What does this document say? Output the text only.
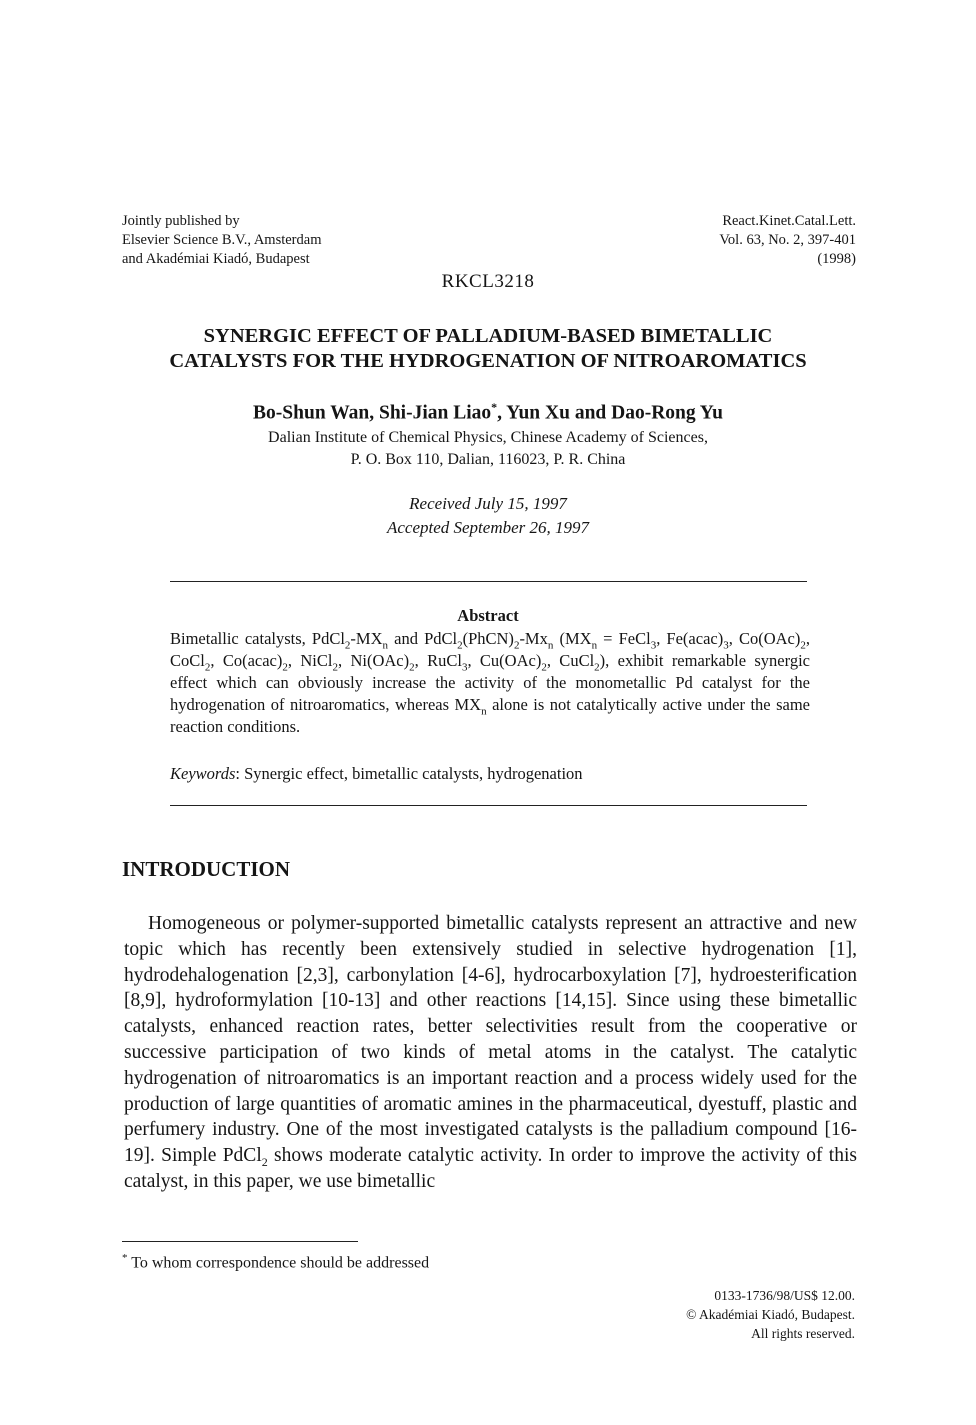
Jointly published by
Elsevier Science B.V., Amsterdam
and Akadémiai Kiadó, Budapest
React.Kinet.Catal.Lett.
Vol. 63, No. 2, 397-401
(1998)
RKCL3218
SYNERGIC EFFECT OF PALLADIUM-BASED BIMETALLIC
CATALYSTS FOR THE HYDROGENATION OF NITROAROMATICS
Bo-Shun Wan, Shi-Jian Liao*, Yun Xu and Dao-Rong Yu
Dalian Institute of Chemical Physics, Chinese Academy of Sciences,
P. O. Box 110, Dalian, 116023, P. R. China
Received July 15, 1997
Accepted September 26, 1997
Abstract
Bimetallic catalysts, $PdCl_2-MX_n$ and $PdCl_2(PhCN)_2-Mx_n$ ($MX_n$ = FeCl$_3$, $Fe(acac)_3$, $Co(OAc)_2$, CoCl$_2$, $Co(acac)_2$, NiCl$_2$, $Ni(OAc)_2$, RuCl$_3$, $Cu(OAc)_2$, CuCl$_2$), exhibit remarkable synergic effect which can obviously increase the activity of the monometallic Pd catalyst for the hydrogenation of nitroaromatics, whereas $MX_n$ alone is not catalytically active under the same reaction conditions.
Keywords: Synergic effect, bimetallic catalysts, hydrogenation
INTRODUCTION
Homogeneous or polymer-supported bimetallic catalysts represent an attractive and new topic which has recently been extensively studied in selective hydrogenation [1], hydrodehalogenation [2,3], carbonylation [4-6], hydrocarboxylation [7], hydroesterification [8,9], hydroformylation [10-13] and other reactions [14,15]. Since using these bimetallic catalysts, enhanced reaction rates, better selectivities result from the cooperative or successive participation of two kinds of metal atoms in the catalyst. The catalytic hydrogenation of nitroaromatics is an important reaction and a process widely used for the production of large quantities of aromatic amines in the pharmaceutical, dyestuff, plastic and perfumery industry. One of the most investigated catalysts is the palladium compound [16-19]. Simple PdCl$_2$ shows moderate catalytic activity. In order to improve the activity of this catalyst, in this paper, we use bimetallic
* To whom correspondence should be addressed
0133-1736/98/US$ 12.00.
© Akadémiai Kiadó, Budapest.
All rights reserved.
